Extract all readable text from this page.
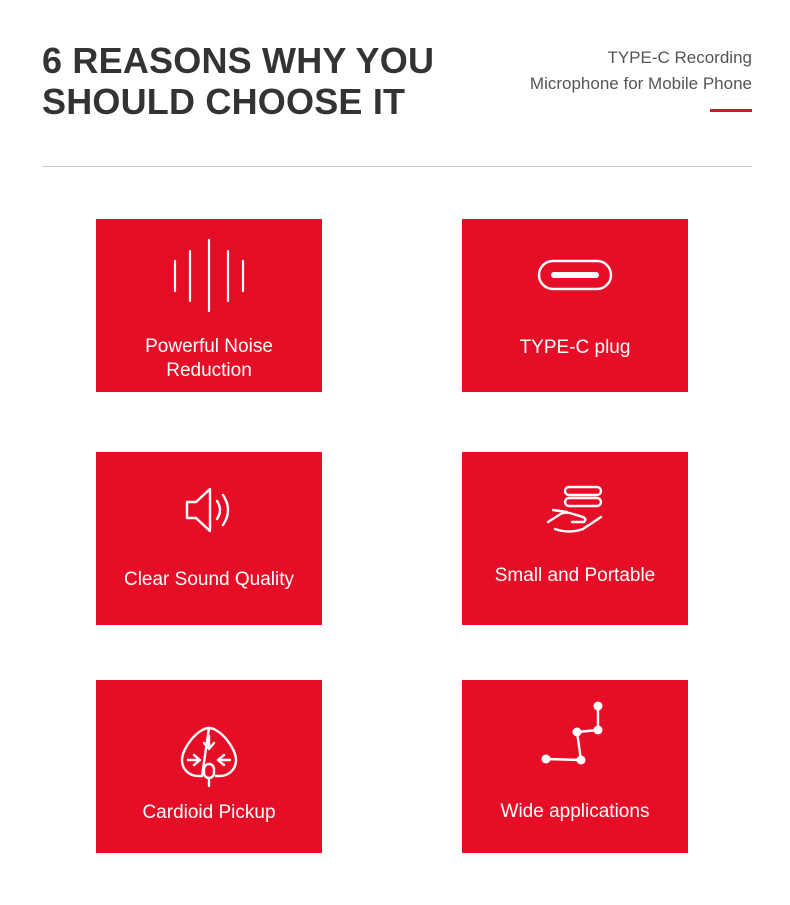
6 REASONS WHY YOU
SHOULD CHOOSE IT
TYPE-C Recording
Microphone for Mobile Phone
Powerful Noise
Reduction
TYPE-C plug
Clear Sound Quality	Small and Portable
Cardioid Pickup	Wide applications
